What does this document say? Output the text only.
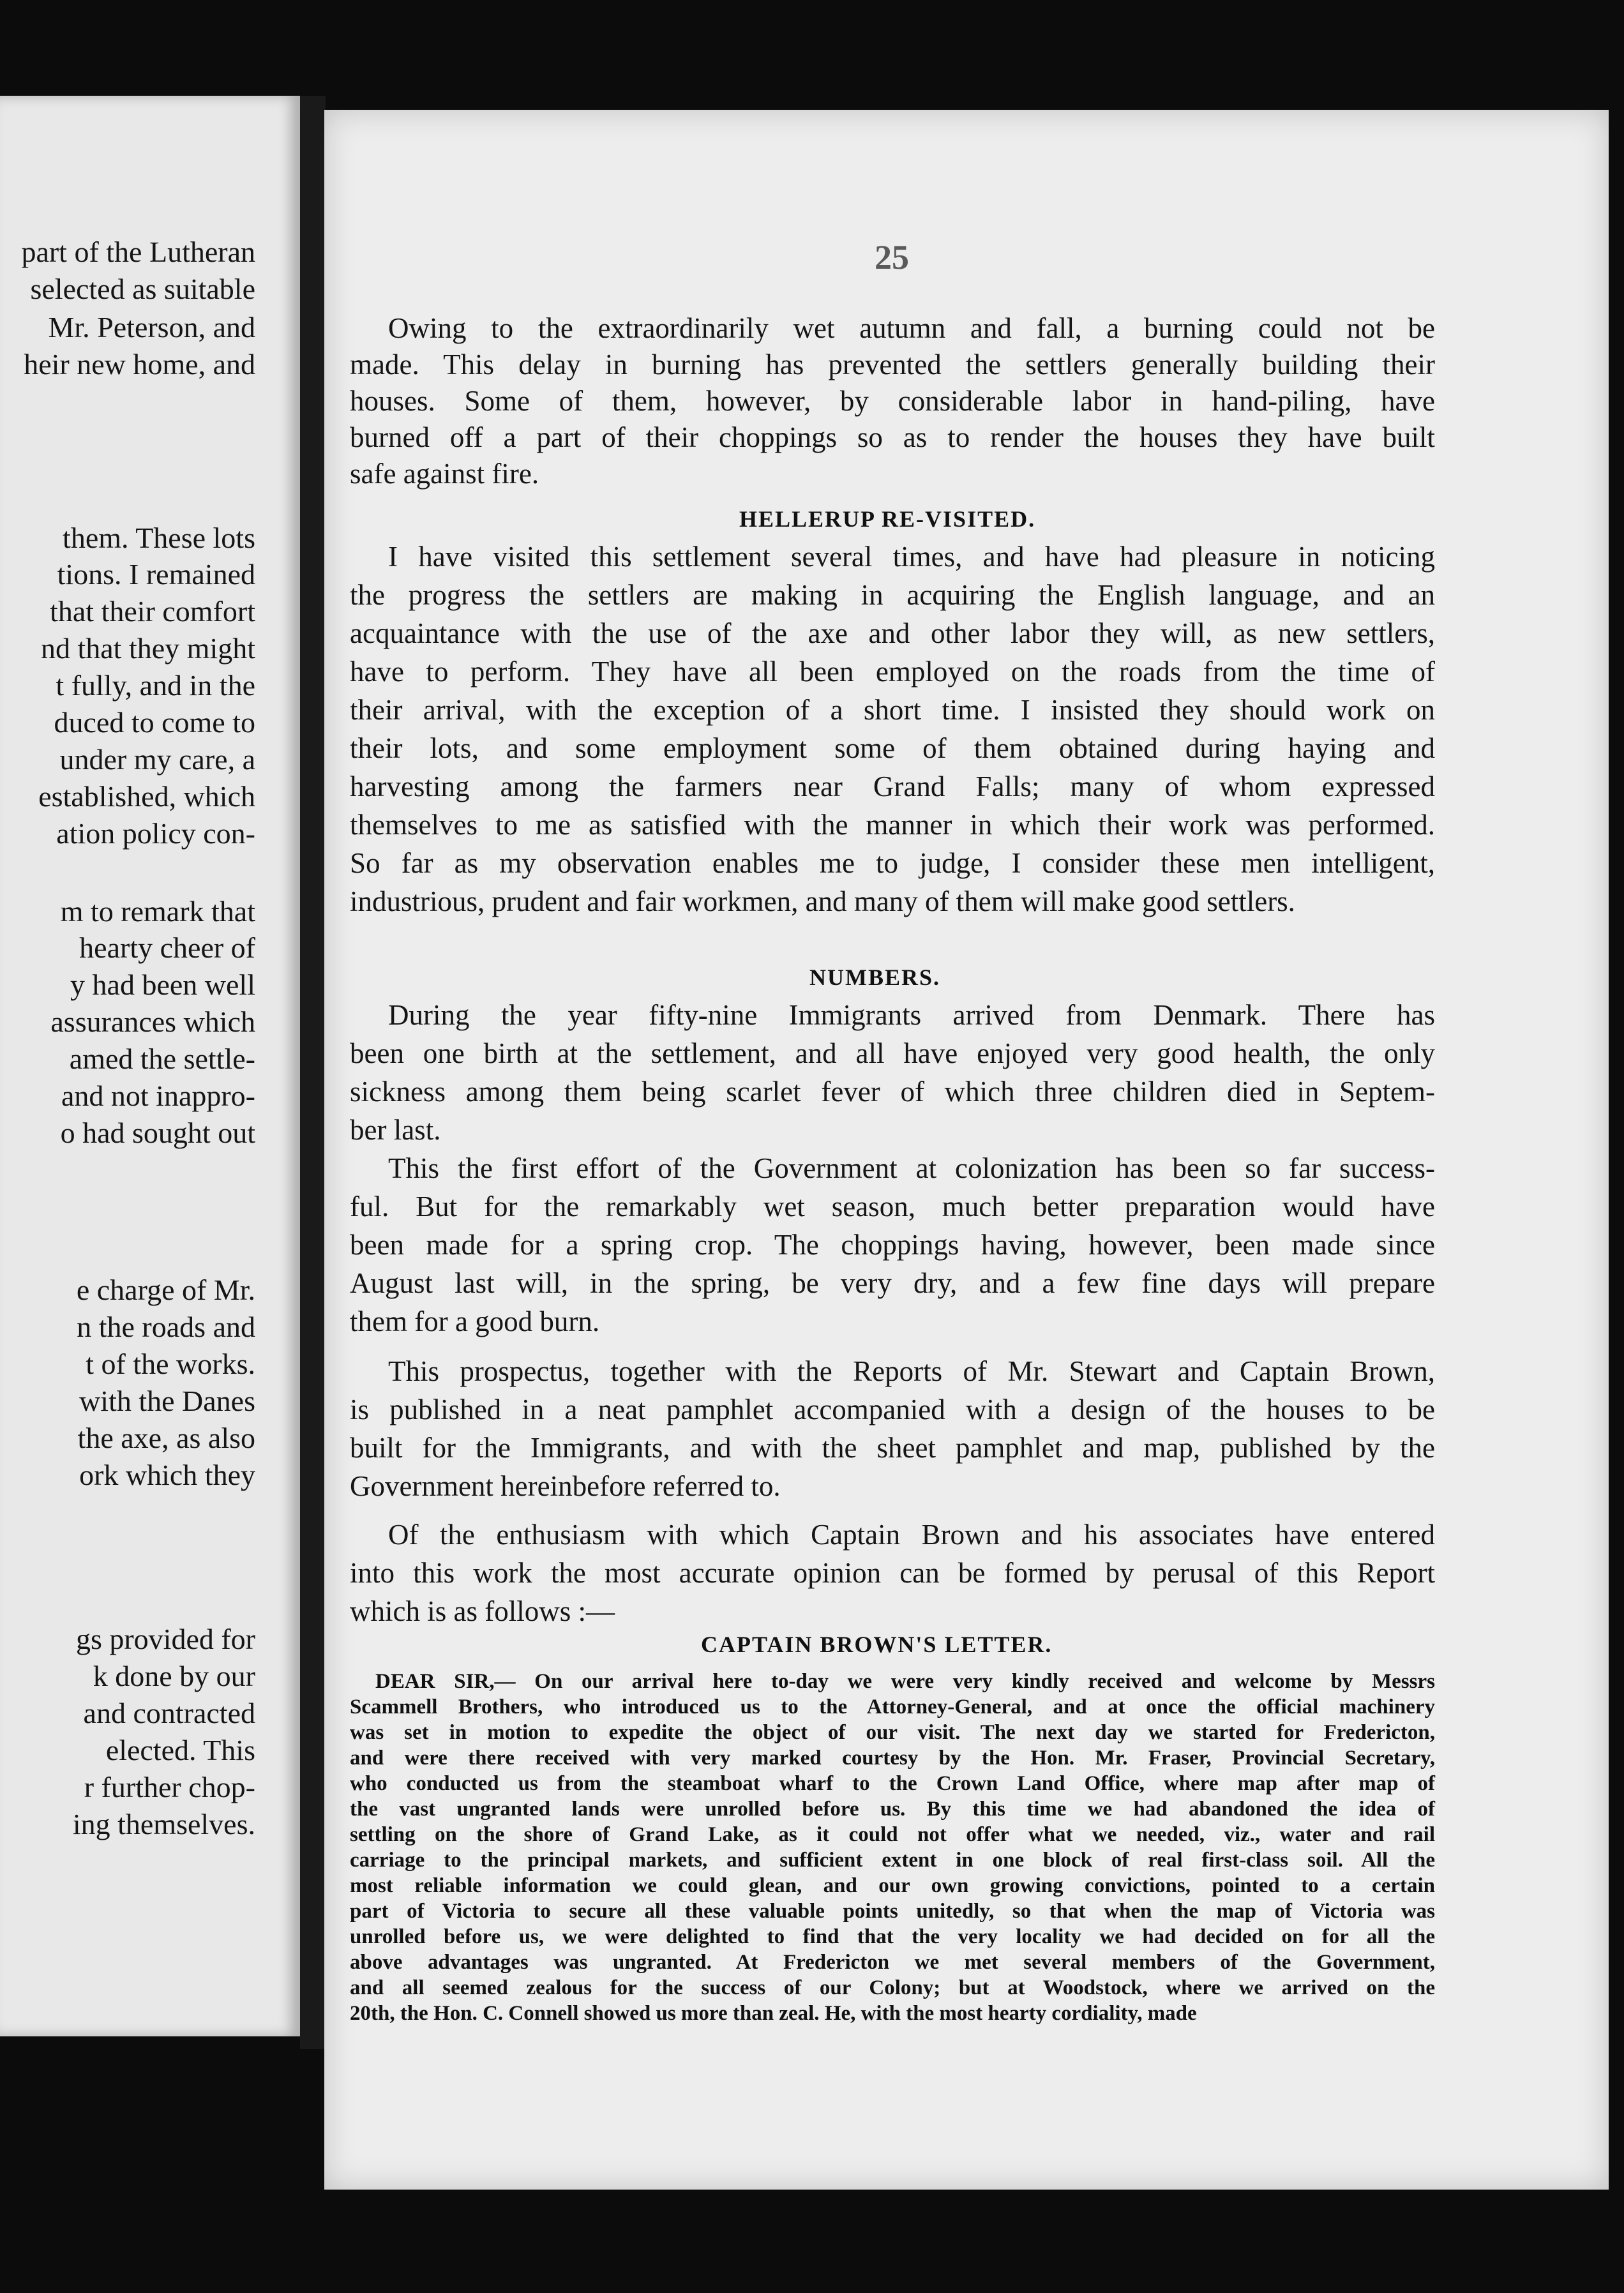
part of the Lutheran
selected as suitable
Mr. Peterson, and
heir new home, and
them. These lots
tions. I remained
that their comfort
nd that they might
t fully, and in the
duced to come to
under my care, a
established, which
ation policy con-
m to remark that
hearty cheer of
y had been well
assurances which
amed the settle-
and not inappro-
o had sought out
e charge of Mr.
n the roads and
t of the works.
with the Danes
the axe, as also
ork which they
gs provided for
k done by our
and contracted
elected. This
r further chop-
ing themselves.
25
Owing to the extraordinarily wet autumn and fall, a burning could not be
made. This delay in burning has prevented the settlers generally building their
houses. Some of them, however, by considerable labor in hand-piling, have
burned off a part of their choppings so as to render the houses they have built
safe against fire.
HELLERUP RE-VISITED.
I have visited this settlement several times, and have had pleasure in noticing
the progress the settlers are making in acquiring the English language, and an
acquaintance with the use of the axe and other labor they will, as new settlers,
have to perform. They have all been employed on the roads from the time of
their arrival, with the exception of a short time. I insisted they should work on
their lots, and some employment some of them obtained during haying and
harvesting among the farmers near Grand Falls; many of whom expressed
themselves to me as satisfied with the manner in which their work was performed.
So far as my observation enables me to judge, I consider these men intelligent,
industrious, prudent and fair workmen, and many of them will make good settlers.
NUMBERS.
During the year fifty-nine Immigrants arrived from Denmark. There has
been one birth at the settlement, and all have enjoyed very good health, the only
sickness among them being scarlet fever of which three children died in Septem-
ber last.
This the first effort of the Government at colonization has been so far success-
ful. But for the remarkably wet season, much better preparation would have
been made for a spring crop. The choppings having, however, been made since
August last will, in the spring, be very dry, and a few fine days will prepare
them for a good burn.
This prospectus, together with the Reports of Mr. Stewart and Captain Brown,
is published in a neat pamphlet accompanied with a design of the houses to be
built for the Immigrants, and with the sheet pamphlet and map, published by the
Government hereinbefore referred to.
Of the enthusiasm with which Captain Brown and his associates have entered
into this work the most accurate opinion can be formed by perusal of this Report
which is as follows :—
CAPTAIN BROWN'S LETTER.
DEAR SIR,— On our arrival here to-day we were very kindly received and welcome by Messrs
Scammell Brothers, who introduced us to the Attorney-General, and at once the official machinery
was set in motion to expedite the object of our visit. The next day we started for Fredericton,
and were there received with very marked courtesy by the Hon. Mr. Fraser, Provincial Secretary,
who conducted us from the steamboat wharf to the Crown Land Office, where map after map of
the vast ungranted lands were unrolled before us. By this time we had abandoned the idea of
settling on the shore of Grand Lake, as it could not offer what we needed, viz., water and rail
carriage to the principal markets, and sufficient extent in one block of real first-class soil. All the
most reliable information we could glean, and our own growing convictions, pointed to a certain
part of Victoria to secure all these valuable points unitedly, so that when the map of Victoria was
unrolled before us, we were delighted to find that the very locality we had decided on for all the
above advantages was ungranted. At Fredericton we met several members of the Government,
and all seemed zealous for the success of our Colony; but at Woodstock, where we arrived on the
20th, the Hon. C. Connell showed us more than zeal. He, with the most hearty cordiality, made
